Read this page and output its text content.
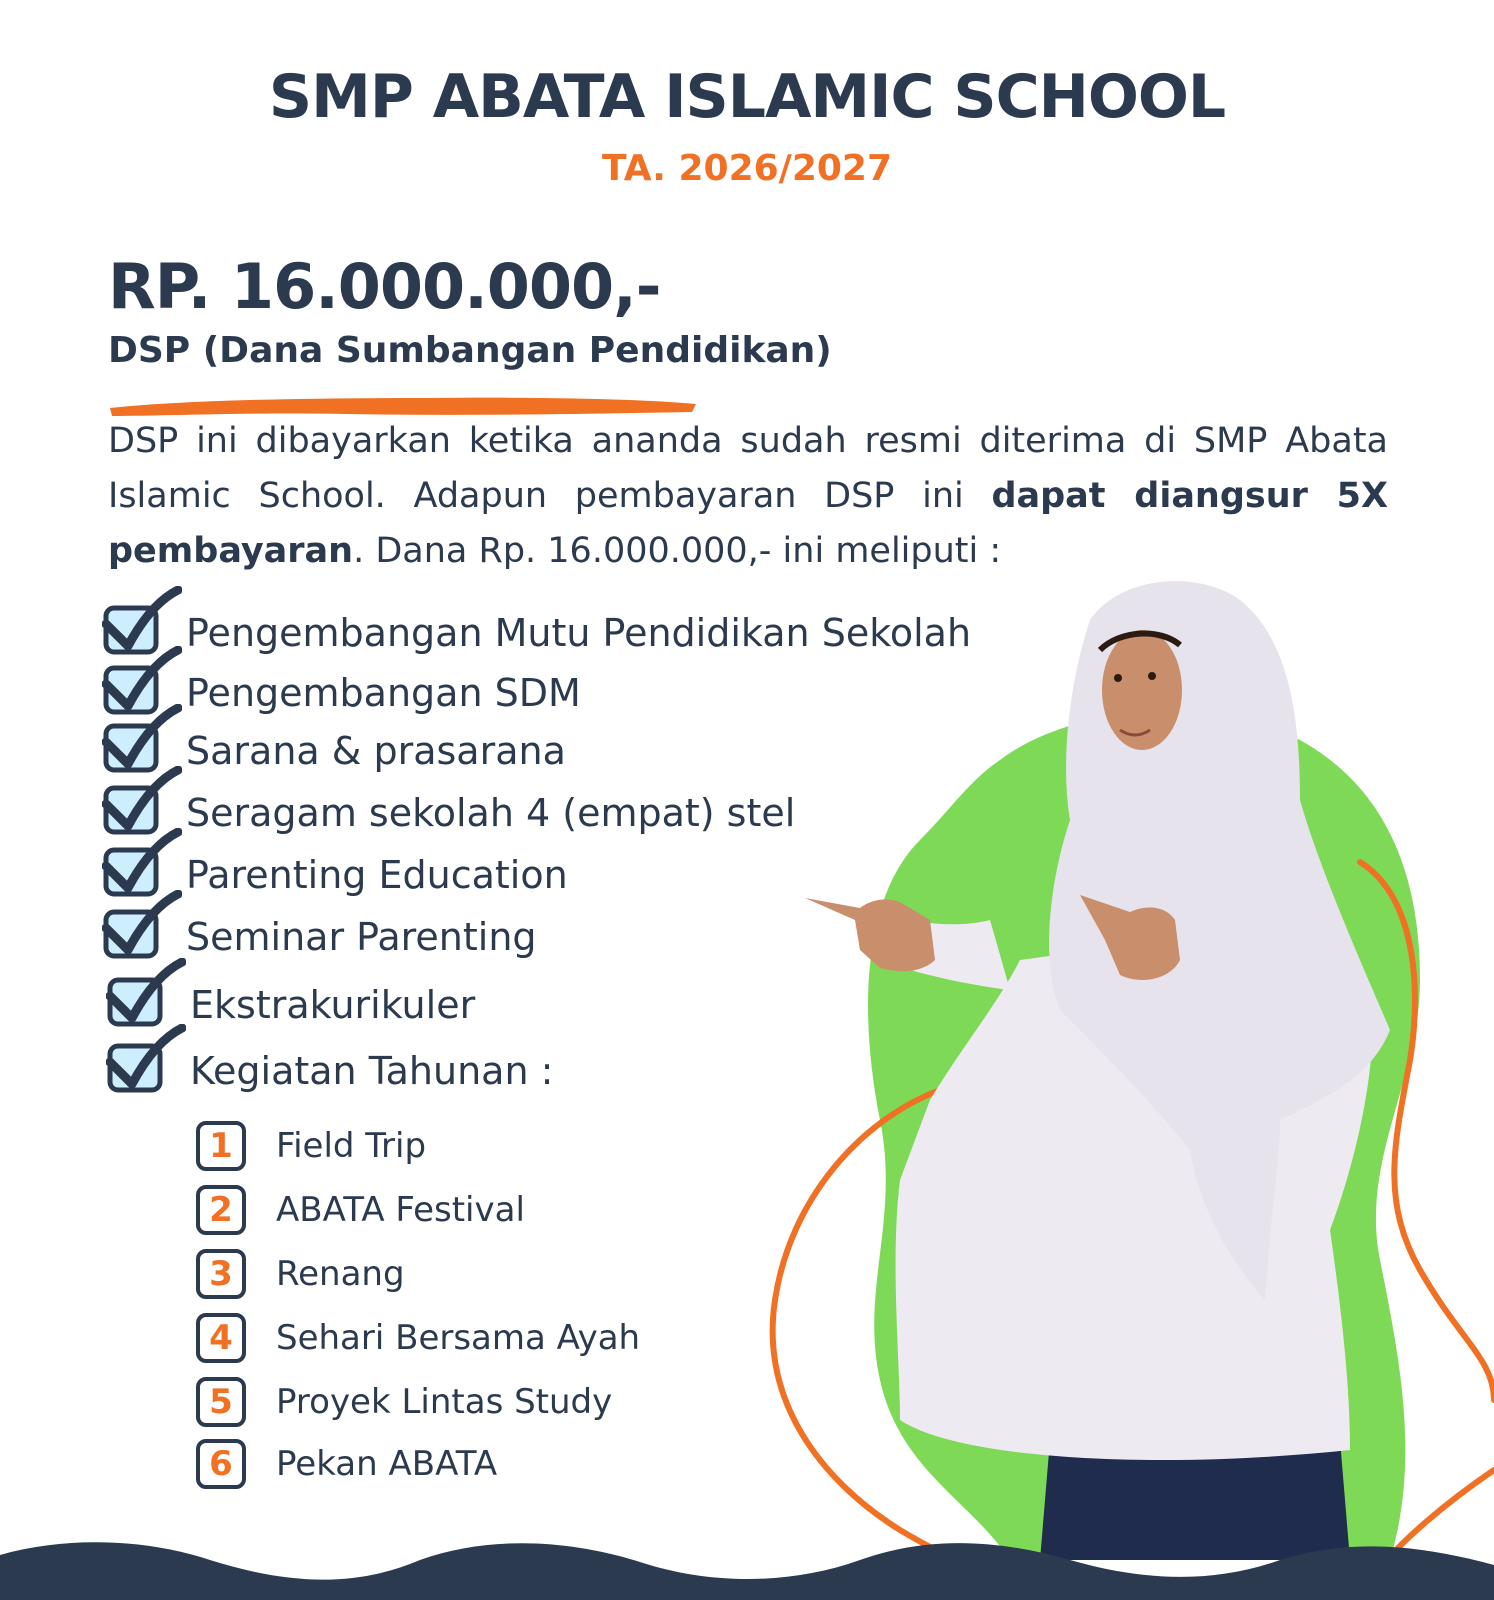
SMP ABATA ISLAMIC SCHOOL
TA. 2026/2027
RP. 16.000.000,-
DSP (Dana Sumbangan Pendidikan)
DSP ini dibayarkan ketika ananda sudah resmi diterima di SMP Abata Islamic School. Adapun pembayaran DSP ini dapat diangsur 5X pembayaran. Dana Rp. 16.000.000,- ini meliputi :
Pengembangan Mutu Pendidikan Sekolah
Pengembangan SDM
Sarana & prasarana
Seragam sekolah 4 (empat) stel
Parenting Education
Seminar Parenting
Ekstrakurikuler
Kegiatan Tahunan :
1	Field Trip
2	ABATA Festival
3	Renang
4	Sehari Bersama Ayah
5	Proyek Lintas Study
6	Pekan ABATA
